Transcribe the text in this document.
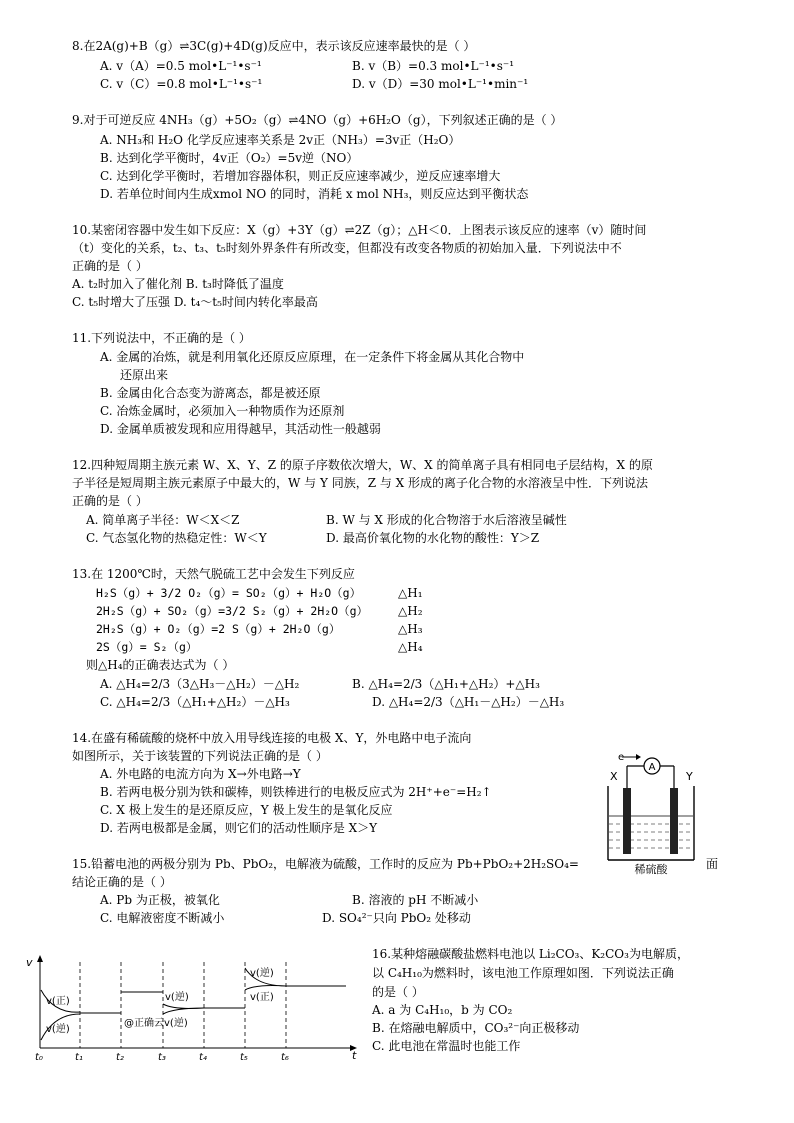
8.在2A(g)+B（g）⇌3C(g)+4D(g)反应中，表示该反应速率最快的是（ ）
A. v（A）=0.5 mol•L⁻¹•s⁻¹	B. v（B）=0.3 mol•L⁻¹•s⁻¹
C. v（C）=0.8 mol•L⁻¹•s⁻¹	D. v（D）=30 mol•L⁻¹•min⁻¹
9.对于可逆反应 4NH₃（g）+5O₂（g）⇌4NO（g）+6H₂O（g），下列叙述正确的是（ ）
A. NH₃和 H₂O 化学反应速率关系是 2v正（NH₃）=3v正（H₂O）
B. 达到化学平衡时，4v正（O₂）=5v逆（NO）
C. 达到化学平衡时，若增加容器体积，则正反应速率减少，逆反应速率增大
D. 若单位时间内生成xmol NO 的同时，消耗 x mol NH₃，则反应达到平衡状态
10.某密闭容器中发生如下反应：X（g）+3Y（g）⇌2Z（g）；△H＜0．上图表示该反应的速率（v）随时间
（t）变化的关系，t₂、t₃、t₅时刻外界条件有所改变，但都没有改变各物质的初始加入量．下列说法中不
正确的是（ ）
A. t₂时加入了催化剂 B. t₃时降低了温度
C. t₅时增大了压强 D. t₄～t₅时间内转化率最高
11.下列说法中，不正确的是（ ）
A. 金属的冶炼，就是利用氧化还原反应原理，在一定条件下将金属从其化合物中
还原出来
B. 金属由化合态变为游离态，都是被还原
C. 冶炼金属时，必须加入一种物质作为还原剂
D. 金属单质被发现和应用得越早，其活动性一般越弱
12.四种短周期主族元素 W、X、Y、Z 的原子序数依次增大，W、X 的简单离子具有相同电子层结构，X 的原
子半径是短周期主族元素原子中最大的，W 与 Y 同族，Z 与 X 形成的离子化合物的水溶液呈中性．下列说法
正确的是（ ）
A. 简单离子半径：W＜X＜Z	B. W 与 X 形成的化合物溶于水后溶液呈碱性
C. 气态氢化物的热稳定性：W＜Y	D. 最高价氧化物的水化物的酸性：Y＞Z
13.在 1200℃时，天然气脱硫工艺中会发生下列反应
H₂S（g）+ 3/2 O₂（g）= SO₂（g）+ H₂O（g）	△H₁
2H₂S（g）+ SO₂（g）=3/2 S₂（g）+ 2H₂O（g） △H₂
2H₂S（g）+ O₂（g）=2 S（g）+ 2H₂O（g）	△H₃
2S（g）= S₂（g）	△H₄
则△H₄的正确表达式为（ ）
A. △H₄=2/3（3△H₃－△H₂）－△H₂	B. △H₄=2/3（△H₁+△H₂）+△H₃
C. △H₄=2/3（△H₁+△H₂）－△H₃	D. △H₄=2/3（△H₁－△H₂）－△H₃
14.在盛有稀硫酸的烧杯中放入用导线连接的电极 X、Y，外电路中电子流向
如图所示，关于该装置的下列说法正确的是（ ）
A. 外电路的电流方向为 X→外电路→Y
B. 若两电极分别为铁和碳棒，则铁棒进行的电极反应式为 2H⁺+e⁻=H₂↑
C. X 极上发生的是还原反应，Y 极上发生的是氧化反应
D. 若两电极都是金属，则它们的活动性顺序是 X＞Y
A
e
X	Y
稀硫酸
15.铅蓄电池的两极分别为 Pb、PbO₂，电解液为硫酸，工作时的反应为 Pb+PbO₂+2H₂SO₄=	面
结论正确的是（ ）
A. Pb 为正极，被氧化	B. 溶液的 pH 不断减小
C. 电解液密度不断减小	D. SO₄²⁻只向 PbO₂ 处移动
v
t
v(正)
v(逆)
v(逆)
@正确云v(逆)
v(逆)
v(正)
t₀	t₁	t₂	t₃	t₄	t₅	t₆
16.某种熔融碳酸盐燃料电池以 Li₂CO₃、K₂CO₃为电解质，
以 C₄H₁₀为燃料时，该电池工作原理如图．下列说法正确
的是（ ）
A. a 为 C₄H₁₀，b 为 CO₂
B. 在熔融电解质中，CO₃²⁻向正极移动
C. 此电池在常温时也能工作
